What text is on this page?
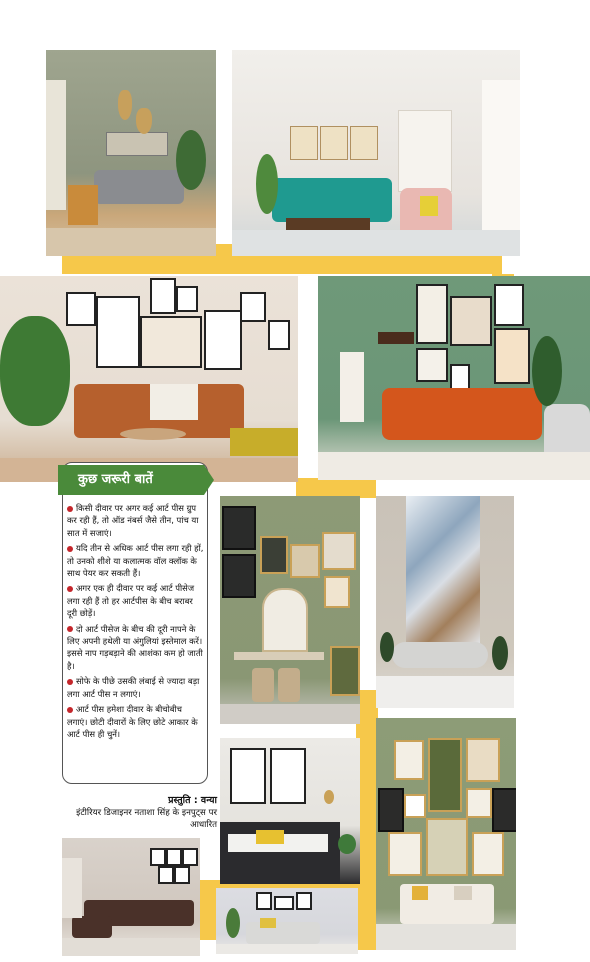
कुछ जरूरी बातें
किसी दीवार पर अगर कई आर्ट पीस ग्रुप कर रही हैं, तो ऑड नंबर्स जैसे तीन, पांच या सात में सजाएं।
यदि तीन से अधिक आर्ट पीस लगा रही हों, तो उनको शीशे या कलात्मक वॉल क्लॉक के साथ पेयर कर सकती हैं।
अगर एक ही दीवार पर कई आर्ट पीसेज लगा रही हैं तो हर आर्टपीस के बीच बराबर दूरी छोड़ें।
दो आर्ट पीसेज के बीच की दूरी नापने के लिए अपनी हथेली या अंगुलियां इस्तेमाल करें। इससे नाप गड़बड़ाने की आशंका कम हो जाती है।
सोफे के पीछे उसकी लंबाई से ज्यादा बड़ा लगा आर्ट पीस न लगाएं।
आर्ट पीस हमेशा दीवार के बीचोबीच लगाएं। छोटी दीवारों के लिए छोटे आकार के आर्ट पीस ही चुनें।
प्रस्तुति : वन्या
इंटीरियर डिजाइनर नताशा सिंह के इनपुट्स पर आधारित
